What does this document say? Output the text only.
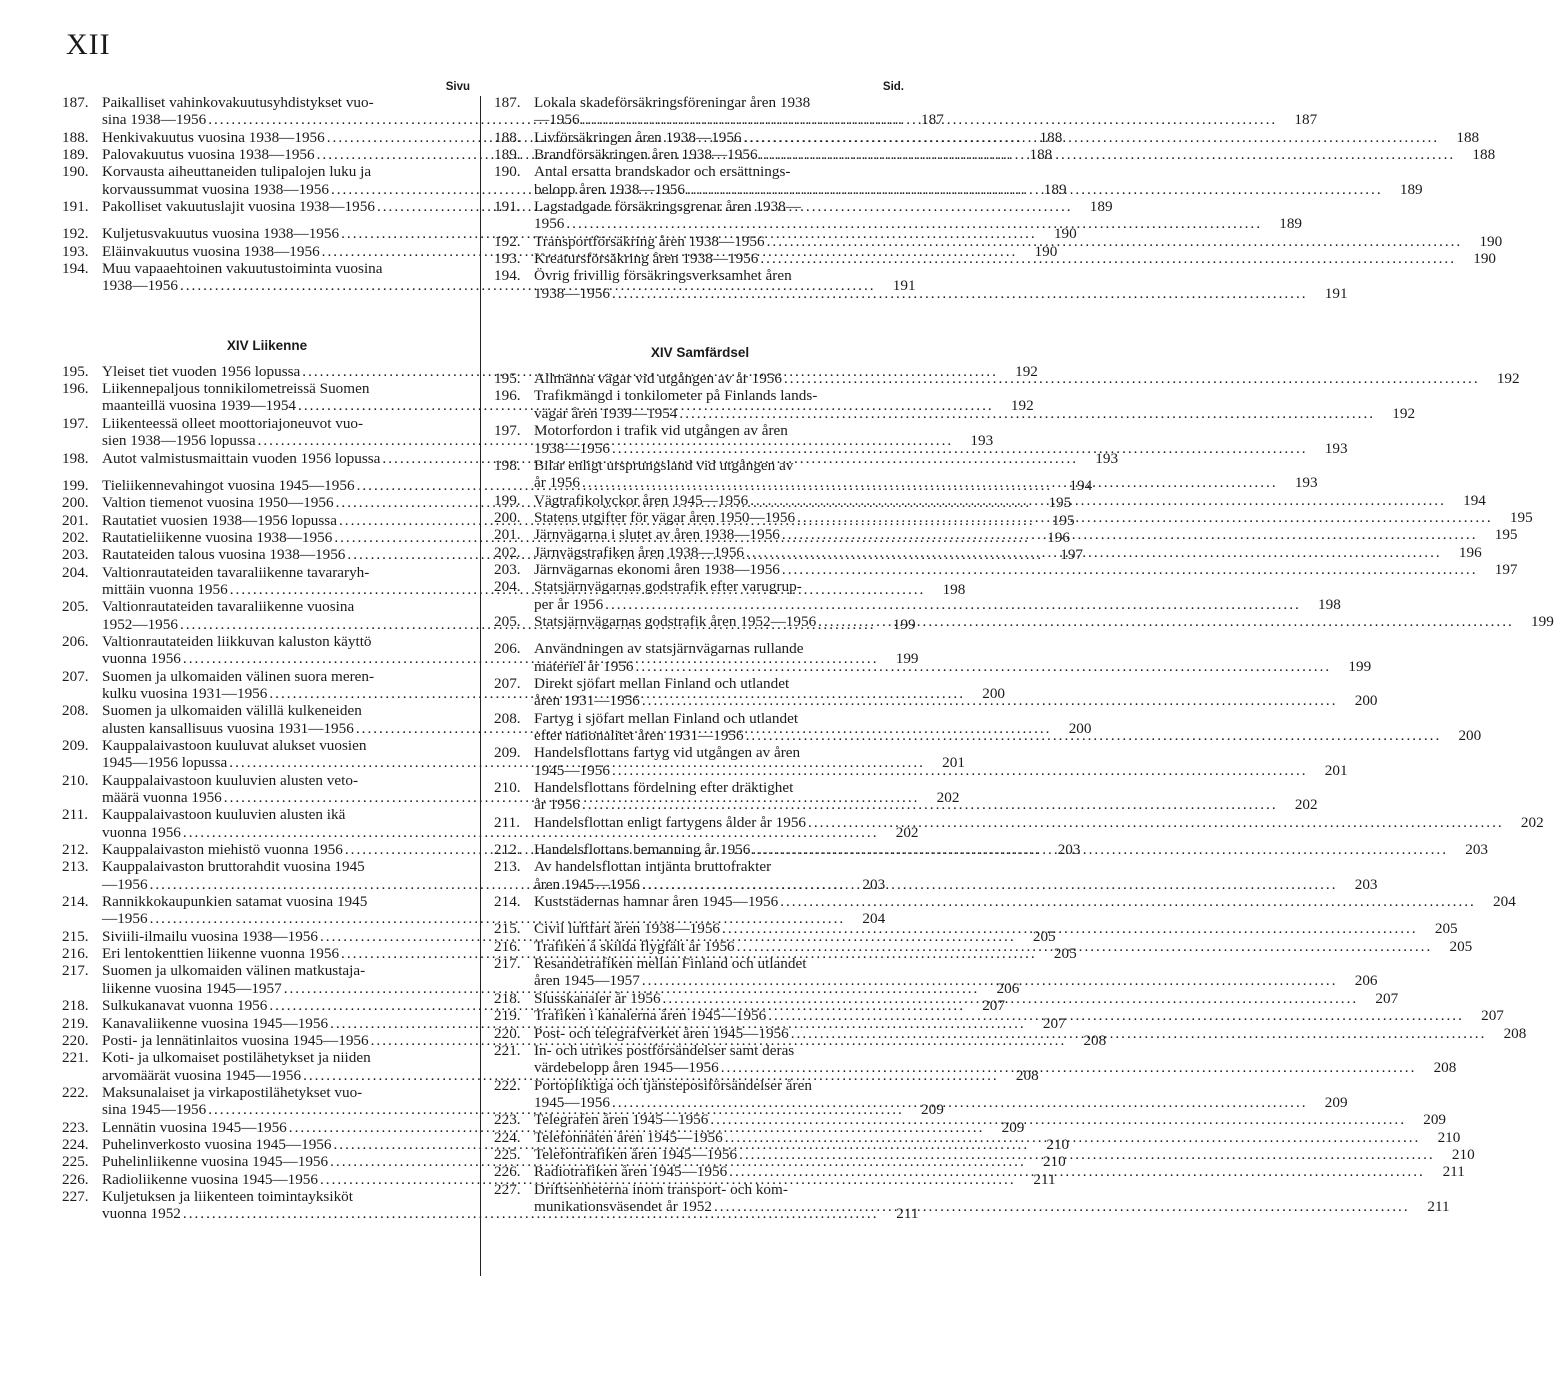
XII
Sivu
187. Paikalliset vahinkovakuutusyhdistykset vuo-
sina 1938—1956 .....	187
188. Henkivakuutus vuosina 1938—1956 .....	188
189. Palovakuutus vuosina 1938—1956 .....	188
190. Korvausta aiheuttaneiden tulipalojen luku ja
korvaussummat vuosina 1938—1956 .....	189
191. Pakolliset vakuutuslajit vuosina 1938—1956 .....	189
192. Kuljetusvakuutus vuosina 1938—1956 .....	190
193. Eläinvakuutus vuosina 1938—1956 .....	190
194. Muu vapaaehtoinen vakuutustoiminta vuosina
1938—1956 .....	191
XIV Liikenne
195. Yleiset tiet vuoden 1956 lopussa .....	192
196. Liikennepaljous tonnikilometreissä Suomen
maanteillä vuosina 1939—1954 .....	192
197. Liikenteessä olleet moottoriajoneuvot vuo-
sien 1938—1956 lopussa .....	193
198. Autot valmistusmaittain vuoden 1956 lopussa .....	193
199. Tieliikennevahingot vuosina 1945—1956 .....	194
200. Valtion tiemenot vuosina 1950—1956 .....	195
201. Rautatiet vuosien 1938—1956 lopussa .....	195
202. Rautatieliikenne vuosina 1938—1956 .....	196
203. Rautateiden talous vuosina 1938—1956 .....	197
204. Valtionrautateiden tavaraliikenne tavararyh-
mittäin vuonna 1956 .....	198
205. Valtionrautateiden tavaraliikenne vuosina
1952—1956 .....	199
206. Valtionrautateiden liikkuvan kaluston käyttö
vuonna 1956 .....	199
207. Suomen ja ulkomaiden välinen suora meren-
kulku vuosina 1931—1956 .....	200
208. Suomen ja ulkomaiden välillä kulkeneiden
alusten kansallisuus vuosina 1931—1956 .....	200
209. Kauppalaivastoon kuuluvat alukset vuosien
1945—1956 lopussa .....	201
210. Kauppalaivastoon kuuluvien alusten veto-
määrä vuonna 1956 .....	202
211. Kauppalaivastoon kuuluvien alusten ikä
vuonna 1956 .....	202
212. Kauppalaivaston miehistö vuonna 1956 .....	203
213. Kauppalaivaston bruttorahdit vuosina 1945
—1956 .....	203
214. Rannikkokaupunkien satamat vuosina 1945
—1956 .....	204
215. Siviili-ilmailu vuosina 1938—1956 .....	205
216. Eri lentokenttien liikenne vuonna 1956 .....	205
217. Suomen ja ulkomaiden välinen matkustaja-
liikenne vuosina 1945—1957 .....	206
218. Sulkukanavat vuonna 1956 .....	207
219. Kanavaliikenne vuosina 1945—1956 .....	207
220. Posti- ja lennätinlaitos vuosina 1945—1956 .....	208
221. Koti- ja ulkomaiset postilähetykset ja niiden
arvomäärät vuosina 1945—1956 .....	208
222. Maksunalaiset ja virkapostilähetykset vuo-
sina 1945—1956 .....	209
223. Lennätin vuosina 1945—1956 .....	209
224. Puhelinverkosto vuosina 1945—1956 .....	210
225. Puhelinliikenne vuosina 1945—1956 .....	210
226. Radioliikenne vuosina 1945—1956 .....	211
227. Kuljetuksen ja liikenteen toimintayksiköt
vuonna 1952 .....	211
Sid.
187. Lokala skadeförsäkringsföreningar åren 1938
—1956 .....	187
188. Livförsäkringen åren 1938—1956 .....	188
189. Brandförsäkringen åren 1938—1956 .....	188
190. Antal ersatta brandskador och ersättnings-
belopp åren 1938—1956 .....	189
191. Lagstadgade försäkringsgrenar åren 1938—
1956 .....	189
192. Transportförsäkring åren 1938—1956 .....	190
193. Kreatursförsäkring åren 1938—1956 .....	190
194. Övrig frivillig försäkringsverksamhet åren
1938—1956 .....	191
XIV Samfärdsel
195. Allmänna vägar vid utgången av år 1956 .....	192
196. Trafikmängd i tonkilometer på Finlands lands-
vägar åren 1939—1954 .....	192
197. Motorfordon i trafik vid utgången av åren
1938—1956 .....	193
198. Bilar enligt ursprungsland vid utgången av
år 1956 .....	193
199. Vägtrafikolyckor åren 1945—1956 .....	194
200. Statens utgifter för vägar åren 1950—1956 .....	195
201. Järnvägarna i slutet av åren 1938—1956 .....	195
202. Järnvägstrafiken åren 1938—1956 .....	196
203. Järnvägarnas ekonomi åren 1938—1956 .....	197
204. Statsjärnvägarnas godstrafik efter varugrup-
per år 1956 .....	198
205. Statsjärnvägarnas godstrafik åren 1952—1956 .....	199
206. Användningen av statsjärnvägarnas rullande
materiel år 1956 .....	199
207. Direkt sjöfart mellan Finland och utlandet
åren 1931—1956 .....	200
208. Fartyg i sjöfart mellan Finland och utlandet
efter nationalitet åren 1931—1956 .....	200
209. Handelsflottans fartyg vid utgången av åren
1945—1956 .....	201
210. Handelsflottans fördelning efter dräktighet
år 1956 .....	202
211. Handelsflottan enligt fartygens ålder år 1956 .....	202
212. Handelsflottans bemanning år 1956 .....	203
213. Av handelsflottan intjänta bruttofrakter
åren 1945—1956 .....	203
214. Kuststädernas hamnar åren 1945—1956 .....	204
215. Civil luftfart åren 1938—1956 .....	205
216. Trafiken å skilda flygfält år 1956 .....	205
217. Resandetrafiken mellan Finland och utlandet
åren 1945—1957 .....	206
218. Slusskanaler år 1956 .....	207
219. Trafiken i kanalerna åren 1945—1956 .....	207
220. Post- och telegrafverket åren 1945—1956 .....	208
221. In- och utrikes postförsändelser samt deras
värdebelopp åren 1945—1956 .....	208
222. Portopliktiga och tjänsteposiförsändelser åren
1945—1956 .....	209
223. Telegrafen åren 1945—1956 .....	209
224. Telefonnäten åren 1945—1956 .....	210
225. Telefontrafiken åren 1945—1956 .....	210
226. Radiotrafiken åren 1945—1956 .....	211
227. Driftsenheterna inom transport- och kom-
munikationsväsendet år 1952 .....	211
